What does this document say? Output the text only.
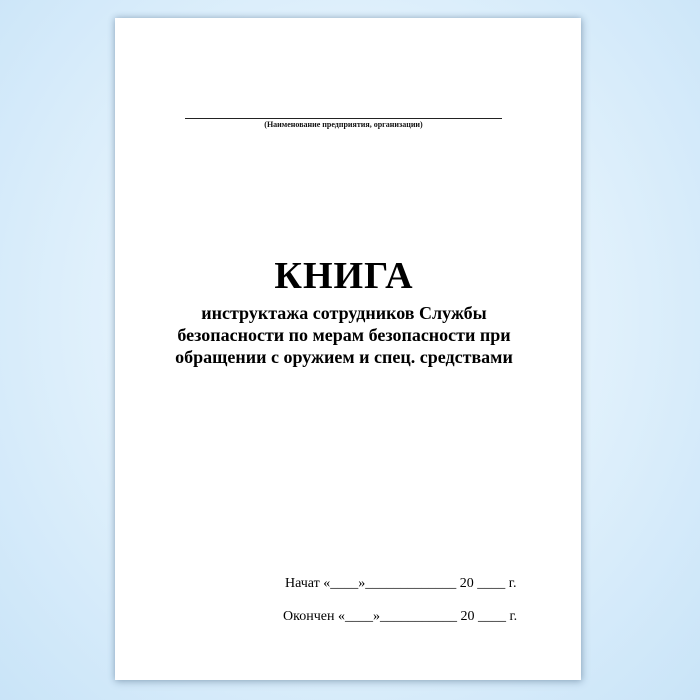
(Наименование предприятия, организации)
КНИГА
инструктажа сотрудников Службы
безопасности по мерам безопасности при
обращении с оружием и спец. средствами
Начат «____»_____________ 20 ____ г.
Окончен «____»___________ 20 ____ г.
